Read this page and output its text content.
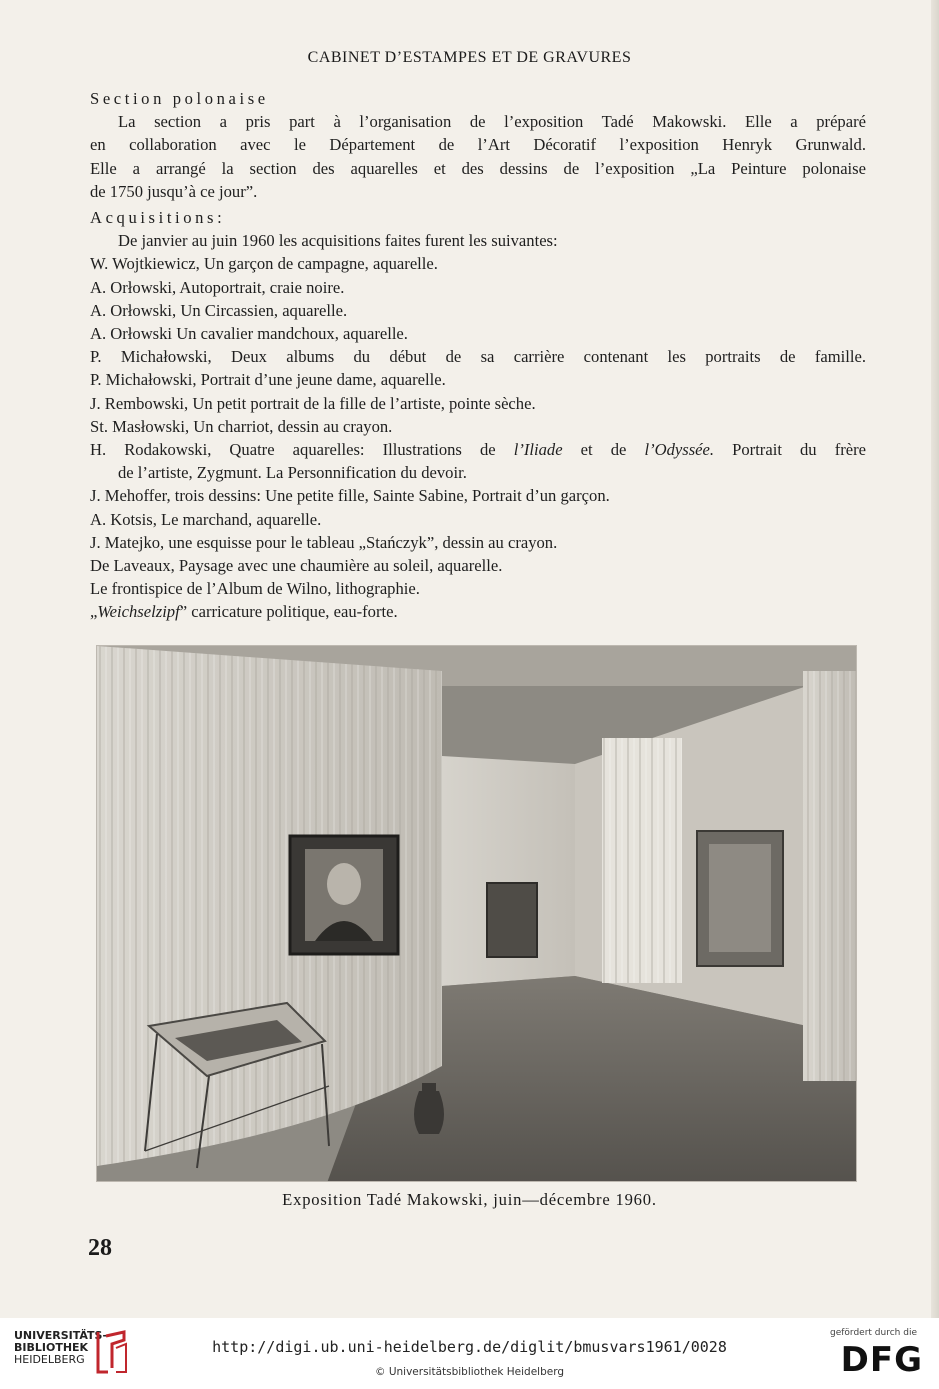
CABINET D’ESTAMPES ET DE GRAVURES
Section polonaise
La section a pris part à l’organisation de l’exposition Tadé Makowski. Elle a préparé
en collaboration avec le Département de l’Art Décoratif l’exposition Henryk Grunwald.
Elle a arrangé la section des aquarelles et des dessins de l’exposition „La Peinture polonaise
de 1750 jusqu’à ce jour”.
Acquisitions:
De janvier au juin 1960 les acquisitions faites furent les suivantes:
W. Wojtkiewicz, Un garçon de campagne, aquarelle.
A. Orłowski, Autoportrait, craie noire.
A. Orłowski, Un Circassien, aquarelle.
A. Orłowski Un cavalier mandchoux, aquarelle.
P. Michałowski, Deux albums du début de sa carrière contenant les portraits de famille.
P. Michałowski, Portrait d’une jeune dame, aquarelle.
J. Rembowski, Un petit portrait de la fille de l’artiste, pointe sèche.
St. Masłowski, Un charriot, dessin au crayon.
H. Rodakowski, Quatre aquarelles: Illustrations de l’Iliade et de l’Odyssée. Portrait du frère
de l’artiste, Zygmunt. La Personnification du devoir.
J. Mehoffer, trois dessins: Une petite fille, Sainte Sabine, Portrait d’un garçon.
A. Kotsis, Le marchand, aquarelle.
J. Matejko, une esquisse pour le tableau „Stańczyk”, dessin au crayon.
De Laveaux, Paysage avec une chaumière au soleil, aquarelle.
Le frontispice de l’Album de Wilno, lithographie.
„Weichselzipf” carricature politique, eau-forte.
Exposition Tadé Makowski, juin—décembre 1960.
28
UNIVERSITÄTS-
BIBLIOTHEK
HEIDELBERG
http://digi.ub.uni-heidelberg.de/diglit/bmusvars1961/0028
© Universitätsbibliothek Heidelberg
gefördert durch die
DFG
